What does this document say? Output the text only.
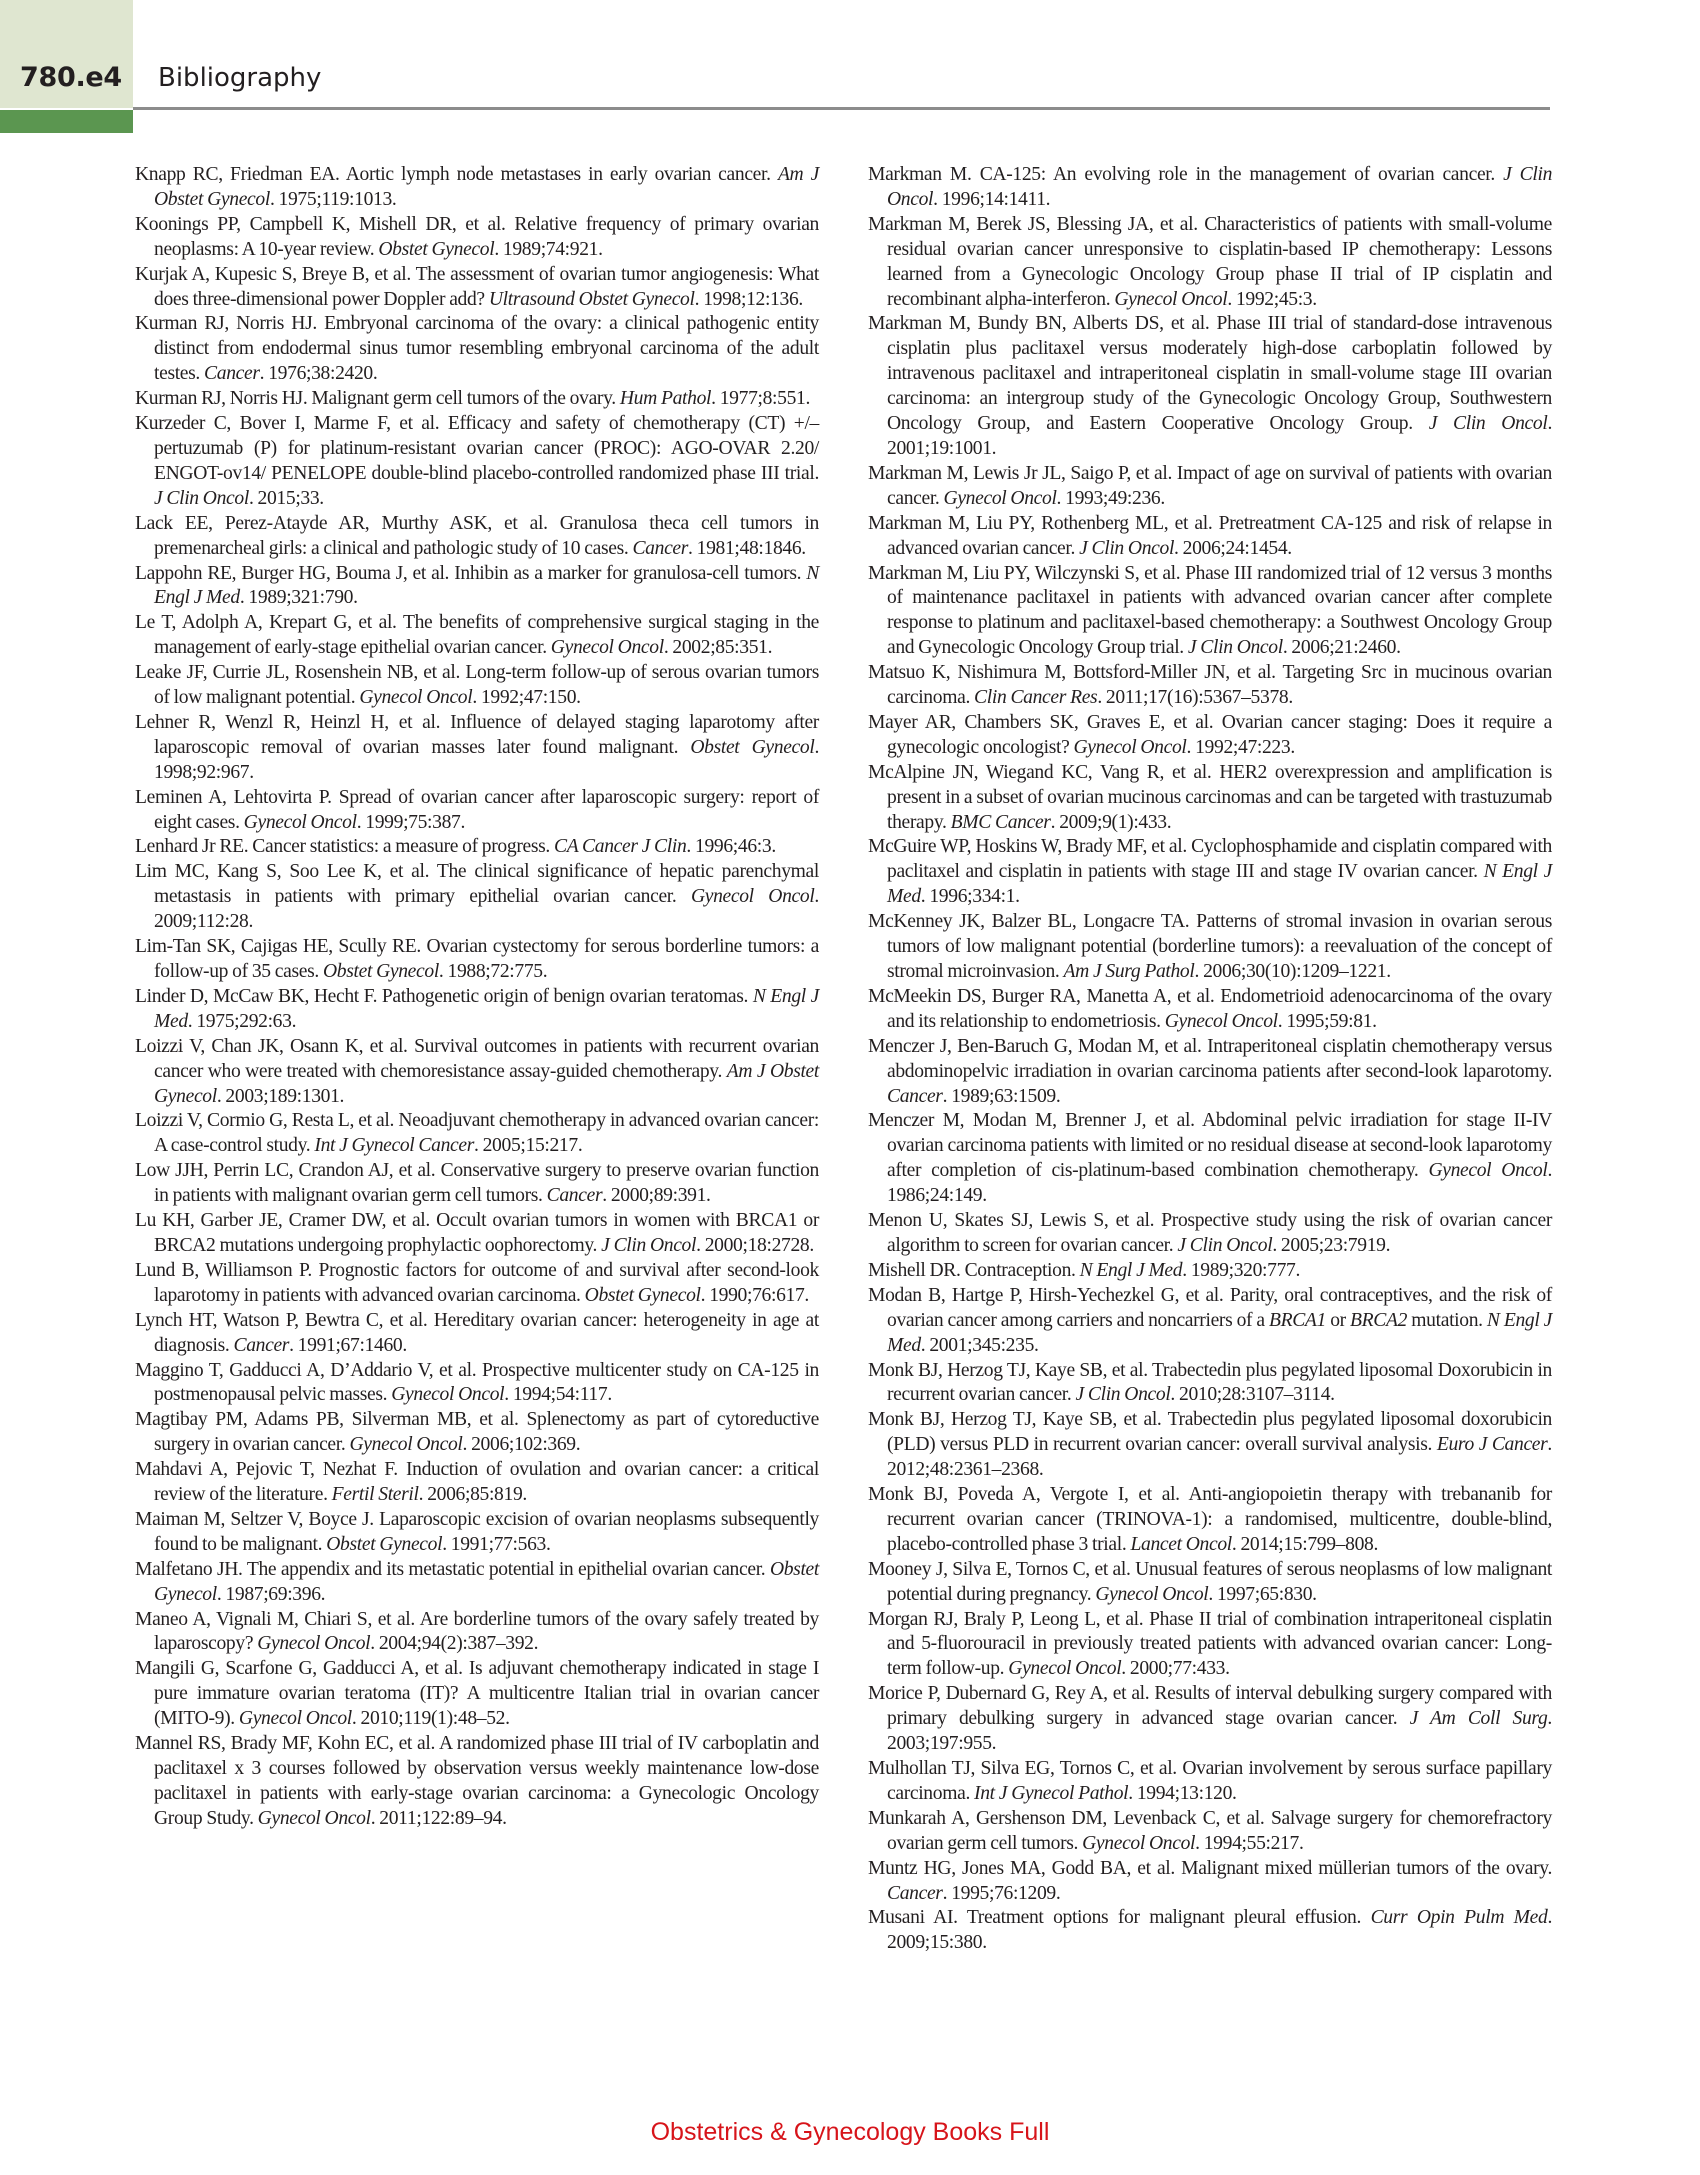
780.e4 Bibliography

Knapp RC, Friedman EA. Aortic lymph node metastases in early ovarian cancer. Am J Obstet Gynecol. 1975;119:1013.

Koonings PP, Campbell K, Mishell DR, et al. Relative frequency of primary ovarian neoplasms: A 10-year review. Obstet Gynecol. 1989;74:921.

Kurjak A, Kupesic S, Breye B, et al. The assessment of ovarian tumor angiogenesis: What does three-dimensional power Doppler add? Ultrasound Obstet Gynecol. 1998;12:136.

Kurman RJ, Norris HJ. Embryonal carcinoma of the ovary: a clinical pathogenic entity distinct from endodermal sinus tumor resembling embryonal carcinoma of the adult testes. Cancer. 1976;38:2420.

Kurman RJ, Norris HJ. Malignant germ cell tumors of the ovary. Hum Pathol. 1977;8:551.

Kurzeder C, Bover I, Marme F, et al. Efficacy and safety of chemotherapy (CT) +/– pertuzumab (P) for platinum-resistant ovarian cancer (PROC): AGO-OVAR 2.20/ ENGOT-ov14/ PENELOPE double-blind placebo-controlled randomized phase III trial. J Clin Oncol. 2015;33.

Lack EE, Perez-Atayde AR, Murthy ASK, et al. Granulosa theca cell tumors in premenarcheal girls: a clinical and pathologic study of 10 cases. Cancer. 1981;48:1846.

Lappohn RE, Burger HG, Bouma J, et al. Inhibin as a marker for granulosa-cell tumors. N Engl J Med. 1989;321:790.

Le T, Adolph A, Krepart G, et al. The benefits of comprehensive surgical staging in the management of early-stage epithelial ovarian cancer. Gynecol Oncol. 2002;85:351.

Leake JF, Currie JL, Rosenshein NB, et al. Long-term follow-up of serous ovarian tumors of low malignant potential. Gynecol Oncol. 1992;47:150.

Lehner R, Wenzl R, Heinzl H, et al. Influence of delayed staging laparotomy after laparoscopic removal of ovarian masses later found malignant. Obstet Gynecol. 1998;92:967.

Leminen A, Lehtovirta P. Spread of ovarian cancer after laparoscopic surgery: report of eight cases. Gynecol Oncol. 1999;75:387.

Lenhard Jr RE. Cancer statistics: a measure of progress. CA Cancer J Clin. 1996;46:3.

Lim MC, Kang S, Soo Lee K, et al. The clinical significance of hepatic parenchymal metastasis in patients with primary epithelial ovarian cancer. Gynecol Oncol. 2009;112:28.

Lim-Tan SK, Cajigas HE, Scully RE. Ovarian cystectomy for serous borderline tumors: a follow-up of 35 cases. Obstet Gynecol. 1988;72:775.

Linder D, McCaw BK, Hecht F. Pathogenetic origin of benign ovarian teratomas. N Engl J Med. 1975;292:63.

Loizzi V, Chan JK, Osann K, et al. Survival outcomes in patients with recurrent ovarian cancer who were treated with chemoresistance assay-guided chemotherapy. Am J Obstet Gynecol. 2003;189:1301.

Loizzi V, Cormio G, Resta L, et al. Neoadjuvant chemotherapy in advanced ovarian cancer: A case-control study. Int J Gynecol Cancer. 2005;15:217.

Low JJH, Perrin LC, Crandon AJ, et al. Conservative surgery to preserve ovarian function in patients with malignant ovarian germ cell tumors. Cancer. 2000;89:391.

Lu KH, Garber JE, Cramer DW, et al. Occult ovarian tumors in women with BRCA1 or BRCA2 mutations undergoing prophylactic oophorectomy. J Clin Oncol. 2000;18:2728.

Lund B, Williamson P. Prognostic factors for outcome of and survival after second-look laparotomy in patients with advanced ovarian carcinoma. Obstet Gynecol. 1990;76:617.

Lynch HT, Watson P, Bewtra C, et al. Hereditary ovarian cancer: heterogeneity in age at diagnosis. Cancer. 1991;67:1460.

Maggino T, Gadducci A, D’Addario V, et al. Prospective multicenter study on CA-125 in postmenopausal pelvic masses. Gynecol Oncol. 1994;54:117.

Magtibay PM, Adams PB, Silverman MB, et al. Splenectomy as part of cytoreductive surgery in ovarian cancer. Gynecol Oncol. 2006;102:369.

Mahdavi A, Pejovic T, Nezhat F. Induction of ovulation and ovarian cancer: a critical review of the literature. Fertil Steril. 2006;85:819.

Maiman M, Seltzer V, Boyce J. Laparoscopic excision of ovarian neoplasms subsequently found to be malignant. Obstet Gynecol. 1991;77:563.

Malfetano JH. The appendix and its metastatic potential in epithelial ovarian cancer. Obstet Gynecol. 1987;69:396.

Maneo A, Vignali M, Chiari S, et al. Are borderline tumors of the ovary safely treated by laparoscopy? Gynecol Oncol. 2004;94(2):387–392.

Mangili G, Scarfone G, Gadducci A, et al. Is adjuvant chemotherapy indicated in stage I pure immature ovarian teratoma (IT)? A multicentre Italian trial in ovarian cancer (MITO-9). Gynecol Oncol. 2010;119(1):48–52.

Mannel RS, Brady MF, Kohn EC, et al. A randomized phase III trial of IV carboplatin and paclitaxel x 3 courses followed by observation versus weekly maintenance low-dose paclitaxel in patients with early-stage ovarian carcinoma: a Gynecologic Oncology Group Study. Gynecol Oncol. 2011;122:89–94.

Markman M. CA-125: An evolving role in the management of ovarian cancer. J Clin Oncol. 1996;14:1411.

Markman M, Berek JS, Blessing JA, et al. Characteristics of patients with small-volume residual ovarian cancer unresponsive to cisplatin-based IP chemotherapy: Lessons learned from a Gynecologic Oncology Group phase II trial of IP cisplatin and recombinant alpha-interferon. Gynecol Oncol. 1992;45:3.

Markman M, Bundy BN, Alberts DS, et al. Phase III trial of standard-dose intravenous cisplatin plus paclitaxel versus moderately high-dose carboplatin followed by intravenous paclitaxel and intraperitoneal cisplatin in small-volume stage III ovarian carcinoma: an intergroup study of the Gynecologic Oncology Group, Southwestern Oncology Group, and Eastern Cooperative Oncology Group. J Clin Oncol. 2001;19:1001.

Markman M, Lewis Jr JL, Saigo P, et al. Impact of age on survival of patients with ovarian cancer. Gynecol Oncol. 1993;49:236.

Markman M, Liu PY, Rothenberg ML, et al. Pretreatment CA-125 and risk of relapse in advanced ovarian cancer. J Clin Oncol. 2006;24:1454.

Markman M, Liu PY, Wilczynski S, et al. Phase III randomized trial of 12 versus 3 months of maintenance paclitaxel in patients with advanced ovarian cancer after complete response to platinum and paclitaxel-based chemotherapy: a Southwest Oncology Group and Gynecologic Oncology Group trial. J Clin Oncol. 2006;21:2460.

Matsuo K, Nishimura M, Bottsford-Miller JN, et al. Targeting Src in mucinous ovarian carcinoma. Clin Cancer Res. 2011;17(16):5367–5378.

Mayer AR, Chambers SK, Graves E, et al. Ovarian cancer staging: Does it require a gynecologic oncologist? Gynecol Oncol. 1992;47:223.

McAlpine JN, Wiegand KC, Vang R, et al. HER2 overexpression and amplification is present in a subset of ovarian mucinous carcinomas and can be targeted with trastuzumab therapy. BMC Cancer. 2009;9(1):433.

McGuire WP, Hoskins W, Brady MF, et al. Cyclophosphamide and cisplatin compared with paclitaxel and cisplatin in patients with stage III and stage IV ovarian cancer. N Engl J Med. 1996;334:1.

McKenney JK, Balzer BL, Longacre TA. Patterns of stromal invasion in ovarian serous tumors of low malignant potential (borderline tumors): a reevaluation of the concept of stromal microinvasion. Am J Surg Pathol. 2006;30(10):1209–1221.

McMeekin DS, Burger RA, Manetta A, et al. Endometrioid adenocarcinoma of the ovary and its relationship to endometriosis. Gynecol Oncol. 1995;59:81.

Menczer J, Ben-Baruch G, Modan M, et al. Intraperitoneal cisplatin chemotherapy versus abdominopelvic irradiation in ovarian carcinoma patients after second-look laparotomy. Cancer. 1989;63:1509.

Menczer M, Modan M, Brenner J, et al. Abdominal pelvic irradiation for stage II-IV ovarian carcinoma patients with limited or no residual disease at second-look laparotomy after completion of cis-platinum-based combination chemotherapy. Gynecol Oncol. 1986;24:149.

Menon U, Skates SJ, Lewis S, et al. Prospective study using the risk of ovarian cancer algorithm to screen for ovarian cancer. J Clin Oncol. 2005;23:7919.

Mishell DR. Contraception. N Engl J Med. 1989;320:777.

Modan B, Hartge P, Hirsh-Yechezkel G, et al. Parity, oral contraceptives, and the risk of ovarian cancer among carriers and noncarriers of a BRCA1 or BRCA2 mutation. N Engl J Med. 2001;345:235.

Monk BJ, Herzog TJ, Kaye SB, et al. Trabectedin plus pegylated liposomal Doxorubicin in recurrent ovarian cancer. J Clin Oncol. 2010;28:3107–3114.

Monk BJ, Herzog TJ, Kaye SB, et al. Trabectedin plus pegylated liposomal doxorubicin (PLD) versus PLD in recurrent ovarian cancer: overall survival analysis. Euro J Cancer. 2012;48:2361–2368.

Monk BJ, Poveda A, Vergote I, et al. Anti-angiopoietin therapy with trebananib for recurrent ovarian cancer (TRINOVA-1): a randomised, multicentre, double-blind, placebo-controlled phase 3 trial. Lancet Oncol. 2014;15:799–808.

Mooney J, Silva E, Tornos C, et al. Unusual features of serous neoplasms of low malignant potential during pregnancy. Gynecol Oncol. 1997;65:830.

Morgan RJ, Braly P, Leong L, et al. Phase II trial of combination intraperitoneal cisplatin and 5-fluorouracil in previously treated patients with advanced ovarian cancer: Long-term follow-up. Gynecol Oncol. 2000;77:433.

Morice P, Dubernard G, Rey A, et al. Results of interval debulking surgery compared with primary debulking surgery in advanced stage ovarian cancer. J Am Coll Surg. 2003;197:955.

Mulhollan TJ, Silva EG, Tornos C, et al. Ovarian involvement by serous surface papillary carcinoma. Int J Gynecol Pathol. 1994;13:120.

Munkarah A, Gershenson DM, Levenback C, et al. Salvage surgery for chemorefractory ovarian germ cell tumors. Gynecol Oncol. 1994;55:217.

Muntz HG, Jones MA, Godd BA, et al. Malignant mixed müllerian tumors of the ovary. Cancer. 1995;76:1209.

Musani AI. Treatment options for malignant pleural effusion. Curr Opin Pulm Med. 2009;15:380.

Obstetrics & Gynecology Books Full
